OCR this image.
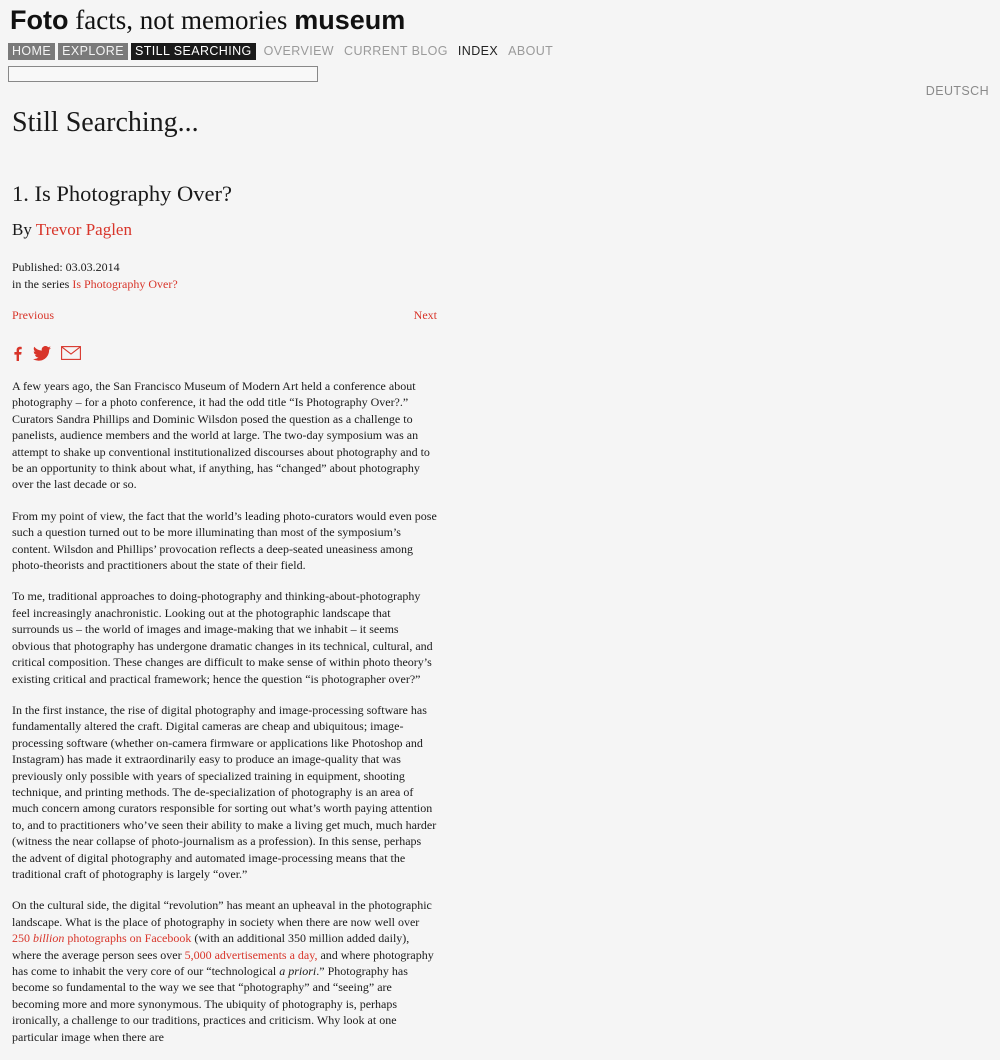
Foto facts, not memories museum
HOME EXPLORE STILL SEARCHING OVERVIEW CURRENT BLOG INDEX ABOUT
DEUTSCH
Still Searching...
1. Is Photography Over?
By Trevor Paglen
Published: 03.03.2014
in the series Is Photography Over?
Previous	Next

A few years ago, the San Francisco Museum of Modern Art held a conference about photography – for a photo conference, it had the odd title “Is Photography Over?.” Curators Sandra Phillips and Dominic Wilsdon posed the question as a challenge to panelists, audience members and the world at large. The two-day symposium was an attempt to shake up conventional institutionalized discourses about photography and to be an opportunity to think about what, if anything, has “changed” about photography over the last decade or so.

From my point of view, the fact that the world’s leading photo-curators would even pose such a question turned out to be more illuminating than most of the symposium’s content. Wilsdon and Phillips’ provocation reflects a deep-seated uneasiness among photo-theorists and practitioners about the state of their field.

To me, traditional approaches to doing-photography and thinking-about-photography feel increasingly anachronistic. Looking out at the photographic landscape that surrounds us – the world of images and image-making that we inhabit – it seems obvious that photography has undergone dramatic changes in its technical, cultural, and critical composition. These changes are difficult to make sense of within photo theory’s existing critical and practical framework; hence the question “is photographer over?”

In the first instance, the rise of digital photography and image-processing software has fundamentally altered the craft. Digital cameras are cheap and ubiquitous; image-processing software (whether on-camera firmware or applications like Photoshop and Instagram) has made it extraordinarily easy to produce an image-quality that was previously only possible with years of specialized training in equipment, shooting technique, and printing methods. The de-specialization of photography is an area of much concern among curators responsible for sorting out what’s worth paying attention to, and to practitioners who’ve seen their ability to make a living get much, much harder (witness the near collapse of photo-journalism as a profession). In this sense, perhaps the advent of digital photography and automated image-processing means that the traditional craft of photography is largely “over.”

On the cultural side, the digital “revolution” has meant an upheaval in the photographic landscape. What is the place of photography in society when there are now well over 250 billion photographs on Facebook (with an additional 350 million added daily), where the average person sees over 5,000 advertisements a day, and where photography has come to inhabit the very core of our “technological a priori.” Photography has become so fundamental to the way we see that “photography” and “seeing” are becoming more and more synonymous. The ubiquity of photography is, perhaps ironically, a challenge to our traditions, practices and criticism. Why look at one particular image when there are
